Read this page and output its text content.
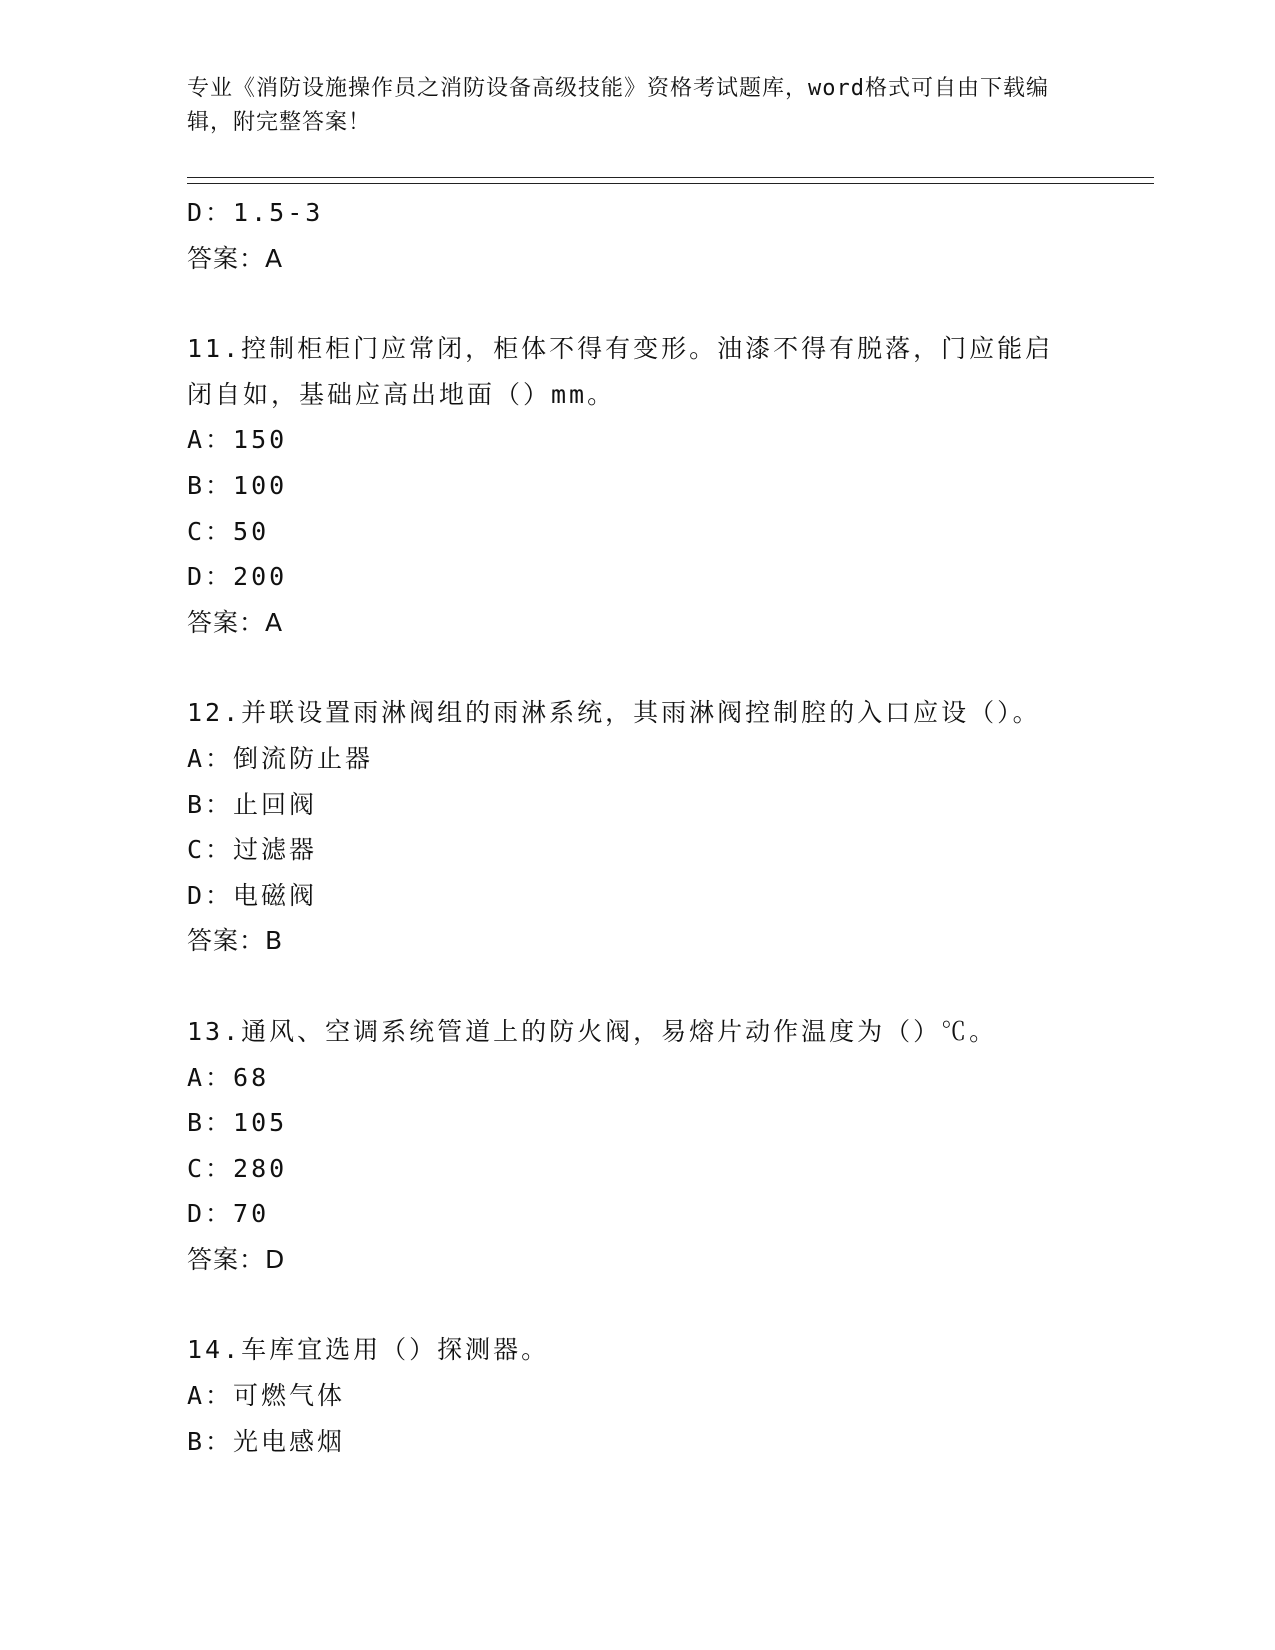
专业《消防设施操作员之消防设备高级技能》资格考试题库，word格式可自由下载编辑，附完整答案！
D：1.5-3
答案：A
11.控制柜柜门应常闭，柜体不得有变形。油漆不得有脱落，门应能启闭自如，基础应高出地面（）mm。
A：150
B：100
C：50
D：200
答案：A
12.并联设置雨淋阀组的雨淋系统，其雨淋阀控制腔的入口应设（）。
A：倒流防止器
B：止回阀
C：过滤器
D：电磁阀
答案：B
13.通风、空调系统管道上的防火阀，易熔片动作温度为（）℃。
A：68
B：105
C：280
D：70
答案：D
14.车库宜选用（）探测器。
A：可燃气体
B：光电感烟
